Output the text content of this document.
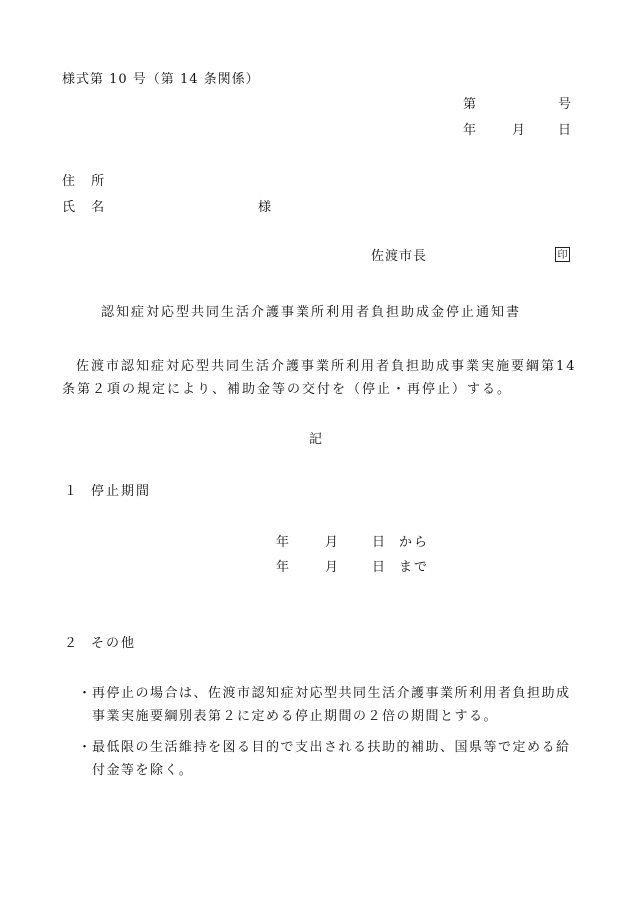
様式第 10 号（第 14 条関係）
第	号
年	月 日
住 所
氏 名	様
佐渡市長	印
認知症対応型共同生活介護事業所利用者負担助成金停止通知書
佐渡市認知症対応型共同生活介護事業所利用者負担助成事業実施要綱第14条第２項の規定により、補助金等の交付を（停止・再停止）する。
記
１ 停止期間
年	月	日 から
年	月	日 まで
２ その他
・ 再停止の場合は、佐渡市認知症対応型共同生活介護事業所利用者負担助成事業実施要綱別表第２に定める停止期間の２倍の期間とする。
・ 最低限の生活維持を図る目的で支出される扶助的補助、国県等で定める給付金等を除く。
